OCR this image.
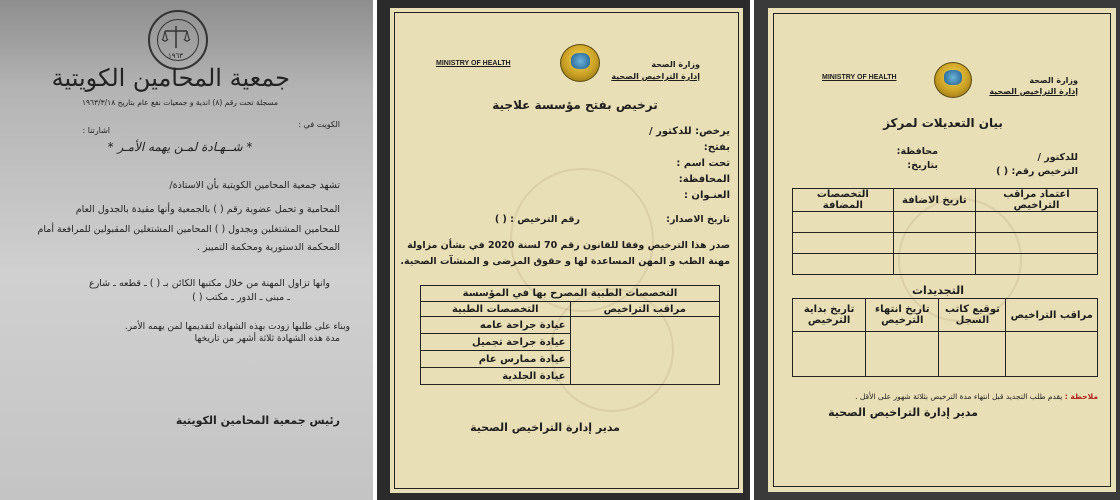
١٩٦٣
جمعية المحامين الكويتية
مسجلة تحت رقم (٨) اندية و جمعيات نفع عام بتاريخ ١٩٦٣/٣/١٨
الكويت في :
اشارتنا :
* شــهـادة لمـن يهمه الأمـر *
تشهد جمعية المحامين الكويتية بأن الاستاذة/
المحامية و تحمل عضوية رقم ( ) بالجمعية وأنها مقيدة بالجدول العام
للمحامين المشتغلين وبجدول ( ) المحامين المشتغلين المقبولين للمرافعة أمام
المحكمة الدستورية ومحكمة التمييز .
وانها تزاول المهنة من خلال مكتبها الكائن بـ ( ) ـ قطعه ـ شارع
ـ مبنى ـ الدور ـ مكتب ( )
وبناء على طلبها زودت بهذه الشهادة لتقديمها لمن يهمه الأمر.
مدة هذه الشهادة ثلاثة أشهر من تاريخها
رئيس جمعية المحامين الكويتية
MINISTRY OF HEALTH	وزارة الصحة
إدارة التراخيص الصحية
ترخيص بفتح مؤسسة علاجية
يرخص: للدكتور /
بفتح:
تحت اسم :
المحافظة:
العنـوان :
رقم الترخيص : ( )	تاريخ الاصدار:
صدر هذا الترخيص وفقا للقانون رقم 70 لسنة 2020 في بشأن مزاولة
مهنة الطب و المهن المساعدة لها و حقوق المرضى و المنشآت الصحية.
التخصصات الطبية المصرح بها في المؤسسة	
التخصصات الطبية	مراقب التراخيص
عيادة جراحة عامه	
عيادة جراحة تجميل	
عيادة ممارس عام	
عيادة الجلدية	
مدير إدارة التراخيص الصحية
MINISTRY OF HEALTH	وزارة الصحة
إدارة التراخيص الصحية
بيان التعديلات لمركز
للدكتور /
محافظة:
الترخيص رقم: ( )
بتاريخ:
التخصصات المضافة	تاريخ الاضافة	اعتماد مراقب التراخيص

التجديدات
تاريخ بداية الترخيص	تاريخ انتهاء الترخيص	توقيع كاتب السجل	مراقب التراخيص

ملاحظة : يقدم طلب التجديد قبل انتهاء مدة الترخيص بثلاثة شهور على الأقل .
مدير إدارة التراخيص الصحية
